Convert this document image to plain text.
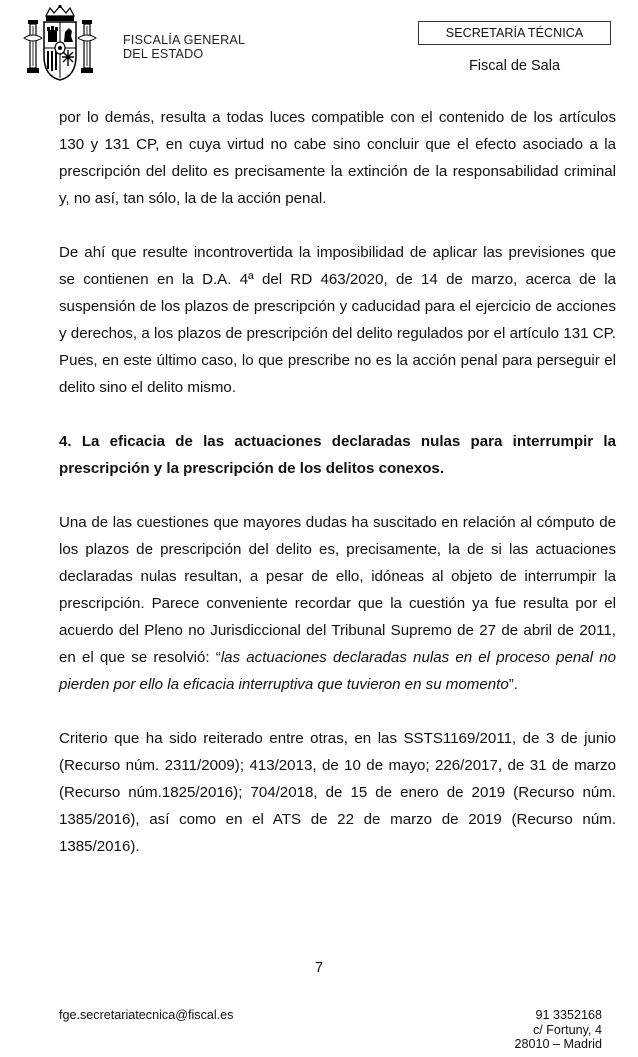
FISCALÍA GENERAL
DEL ESTADO
SECRETARÍA TÉCNICA
Fiscal de Sala

por lo demás, resulta a todas luces compatible con el contenido de los artículos 130 y 131 CP, en cuya virtud no cabe sino concluir que el efecto asociado a la prescripción del delito es precisamente la extinción de la responsabilidad criminal y, no así, tan sólo, la de la acción penal.

De ahí que resulte incontrovertida la imposibilidad de aplicar las previsiones que se contienen en la D.A. 4ª del RD 463/2020, de 14 de marzo, acerca de la suspensión de los plazos de prescripción y caducidad para el ejercicio de acciones y derechos, a los plazos de prescripción del delito regulados por el artículo 131 CP. Pues, en este último caso, lo que prescribe no es la acción penal para perseguir el delito sino el delito mismo.

4. La eficacia de las actuaciones declaradas nulas para interrumpir la prescripción y la prescripción de los delitos conexos.

Una de las cuestiones que mayores dudas ha suscitado en relación al cómputo de los plazos de prescripción del delito es, precisamente, la de si las actuaciones declaradas nulas resultan, a pesar de ello, idóneas al objeto de interrumpir la prescripción. Parece conveniente recordar que la cuestión ya fue resulta por el acuerdo del Pleno no Jurisdiccional del Tribunal Supremo de 27 de abril de 2011, en el que se resolvió: “las actuaciones declaradas nulas en el proceso penal no pierden por ello la eficacia interruptiva que tuvieron en su momento”.

Criterio que ha sido reiterado entre otras, en las SSTS1169/2011, de 3 de junio (Recurso núm. 2311/2009); 413/2013, de 10 de mayo; 226/2017, de 31 de marzo (Recurso núm.1825/2016); 704/2018, de 15 de enero de 2019 (Recurso núm. 1385/2016), así como en el ATS de 22 de marzo de 2019 (Recurso núm. 1385/2016).

7
fge.secretariatecnica@fiscal.es	91 3352168
c/ Fortuny, 4
28010 – Madrid
